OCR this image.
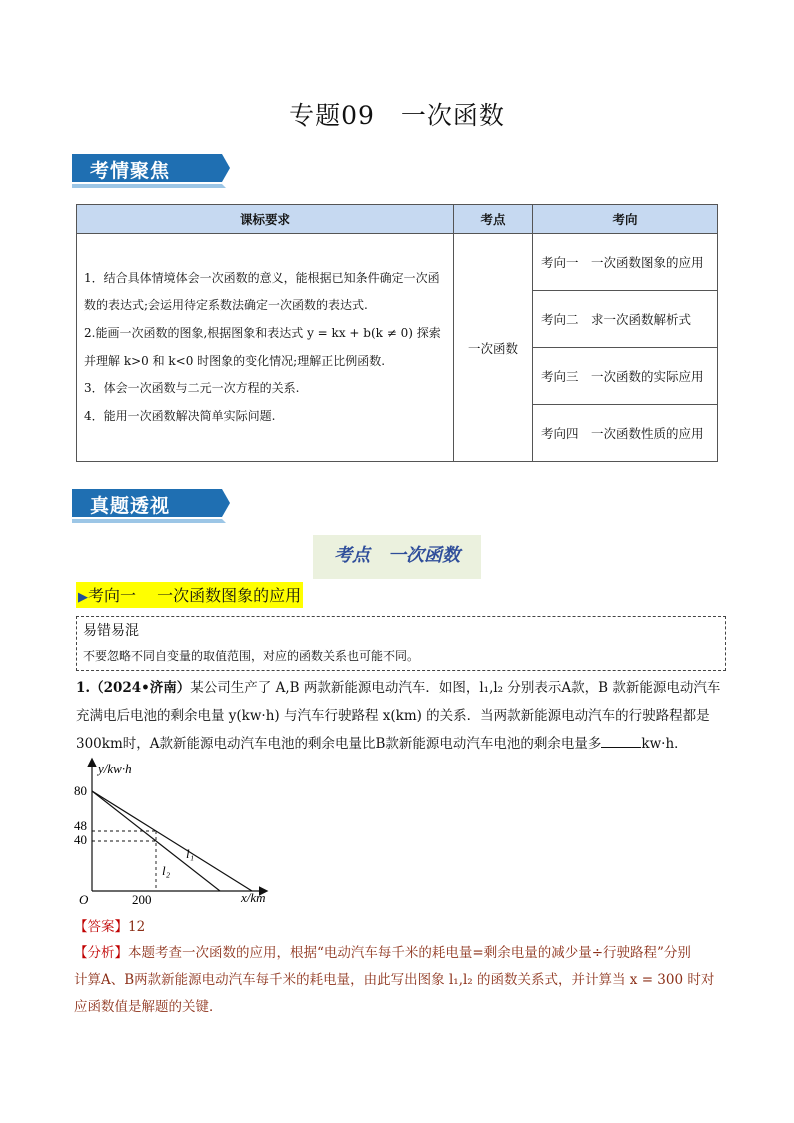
专题09　一次函数
考情聚焦
课标要求	考点	考向

1．结合具体情境体会一次函数的意义，能根据已知条件确定一次函数的表达式;会运用待定系数法确定一次函数的表达式.

2.能画一次函数的图象,根据图象和表达式 y = kx + b(k ≠ 0) 探索并理解 k>0 和 k<0 时图象的变化情况;理解正比例函数.

3．体会一次函数与二元一次方程的关系.

4．能用一次函数解决简单实际问题.	一次函数	考向一　一次函数图象的应用
		考向二　求一次函数解析式
		考向三　一次函数的实际应用
		考向四　一次函数性质的应用
真题透视
考点　一次函数
▶考向一　 一次函数图象的应用
易错易混
不要忽略不同自变量的取值范围，对应的函数关系也可能不同。

1.（2024•济南）某公司生产了 A,B 两款新能源电动汽车．如图，l₁,l₂ 分别表示A款，B 款新能源电动汽车

充满电后电池的剩余电量 y(kw·h) 与汽车行驶路程 x(km) 的关系．当两款新能源电动汽车的行驶路程都是

300km时，A款新能源电动汽车电池的剩余电量比B款新能源电动汽车电池的剩余电量多	kw·h．

y/kw·h
x/km
O
80
48
40
200
l₁
l₂
【答案】12

【分析】本题考查一次函数的应用，根据“电动汽车每千米的耗电量=剩余电量的减少量÷行驶路程”分别

计算A、B两款新能源电动汽车每千米的耗电量，由此写出图象 l₁,l₂ 的函数关系式，并计算当 x = 300 时对

应函数值是解题的关键．
